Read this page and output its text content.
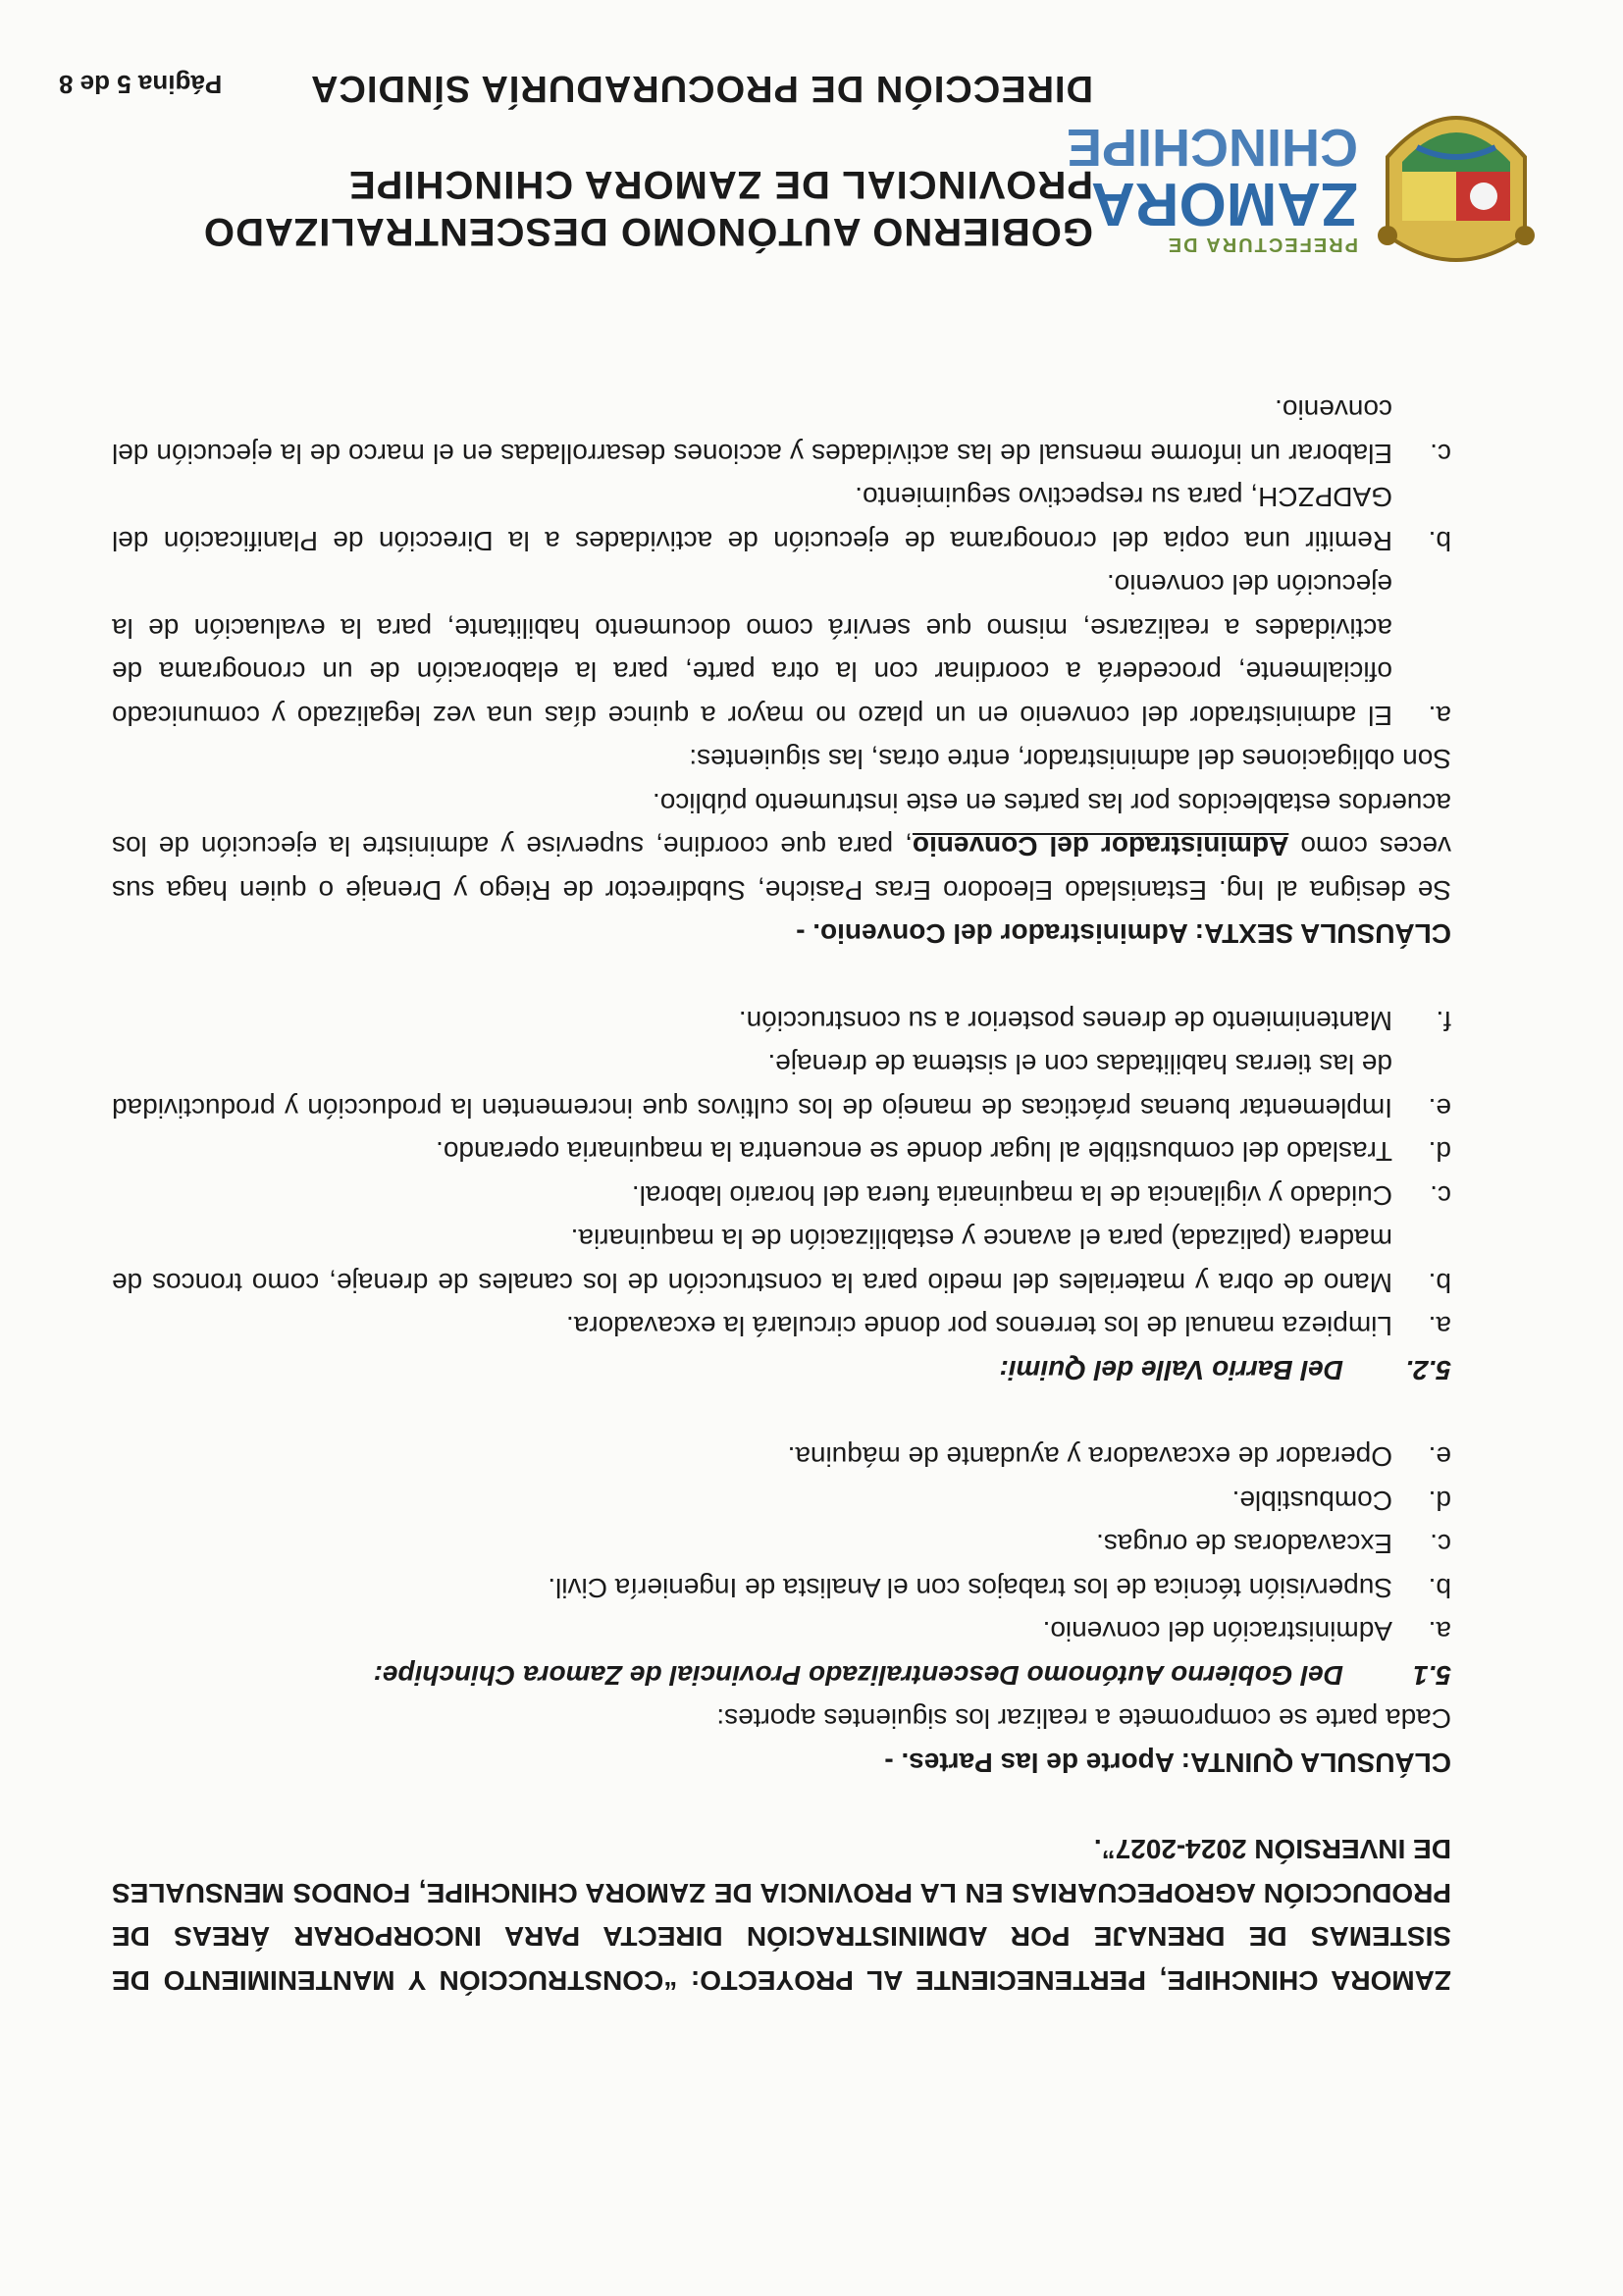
PREFECTURA DE
ZAMORA
CHINCHIPE
GOBIERNO AUTÓNOMO DESCENTRALIZADO PROVINCIAL DE ZAMORA CHINCHIPE
DIRECCIÓN DE PROCURADURÍA SÍNDICA

ZAMORA CHINCHIPE, PERTENECIENTE AL PROYECTO: “CONSTRUCCIÓN Y MANTENIMIENTO DE SISTEMAS DE DRENAJE POR ADMINISTRACIÓN DIRECTA PARA INCORPORAR ÁREAS DE PRODUCCIÓN AGROPECUARIAS EN LA PROVINCIA DE ZAMORA CHINCHIPE, FONDOS MENSUALES DE INVERSIÓN 2024-2027”.

CLÁUSULA QUINTA: Aporte de las Partes. -

Cada parte se compromete a realizar los siguientes aportes:

5.1
Del Gobierno Autónomo Descentralizado Provincial de Zamora Chinchipe:
a.
Administración del convenio.
b.
Supervisión técnica de los trabajos con el Analista de Ingeniería Civil.
c.
Excavadoras de orugas.
d.
Combustible.
e.
Operador de excavadora y ayudante de máquina.
5.2.
Del Barrio Valle del Quimi:
a.
Limpieza manual de los terrenos por donde circulará la excavadora.
b.
Mano de obra y materiales del medio para la construcción de los canales de drenaje, como troncos de madera (palizada) para el avance y estabilización de la maquinaria.
c.
Cuidado y vigilancia de la maquinaria fuera del horario laboral.
d.
Traslado del combustible al lugar donde se encuentra la maquinaria operando.
e.
Implementar buenas prácticas de manejo de los cultivos que incrementen la producción y productividad de las tierras habilitadas con el sistema de drenaje.
f.
Mantenimiento de drenes posterior a su construcción.

CLÁUSULA SEXTA: Administrador del Convenio. -

Se designa al Ing. Estanislado Eleodoro Eras Pasiche, Subdirector de Riego y Drenaje o quien haga sus veces como Administrador del Convenio, para que coordine, supervise y administre la ejecución de los acuerdos establecidos por las partes en este instrumento público.

Son obligaciones del administrador, entre otras, las siguientes:

a.
El administrador del convenio en un plazo no mayor a quince días una vez legalizado y comunicado oficialmente, procederá a coordinar con la otra parte, para la elaboración de un cronograma de actividades a realizarse, mismo que servirá como documento habilitante, para la evaluación de la ejecución del convenio.
b.
Remitir una copia del cronograma de ejecución de actividades a la Dirección de Planificación del GADPZCH, para su respectivo seguimiento.
c.
Elaborar un informe mensual de las actividades y acciones desarrolladas en el marco de la ejecución del convenio.
Página 5 de 8
